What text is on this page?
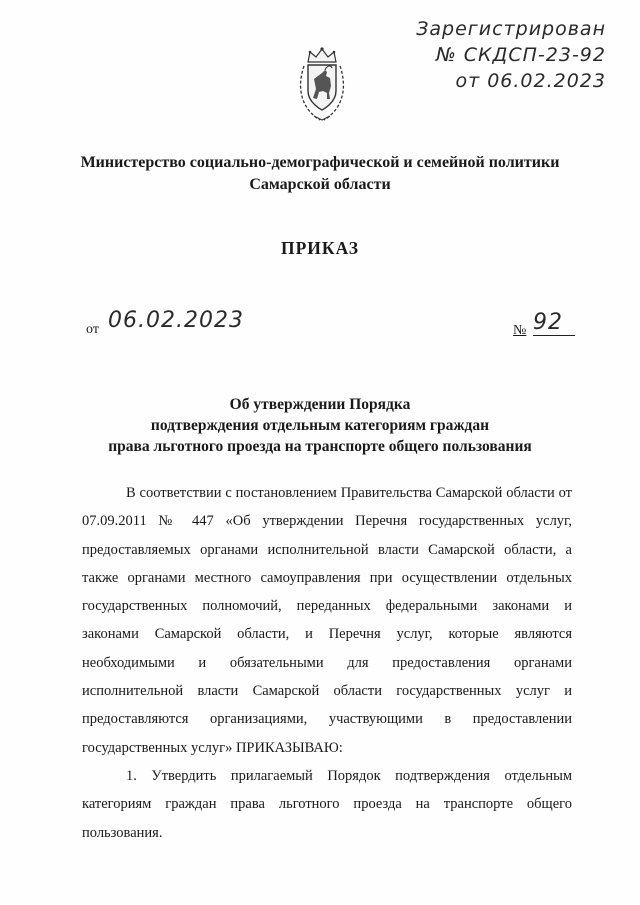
Зарегистрирован
№ СКДСП-23-92
от 06.02.2023
Министерство социально-демографической и семейной политики
Самарской области
ПРИКАЗ
от 06.02.2023	№ 92
Об утверждении Порядка
подтверждения отдельным категориям граждан
права льготного проезда на транспорте общего пользования

В соответствии с постановлением Правительства Самарской области от 07.09.2011 № 447 «Об утверждении Перечня государственных услуг, предоставляемых органами исполнительной власти Самарской области, а также органами местного самоуправления при осуществлении отдельных государственных полномочий, переданных федеральными законами и законами Самарской области, и Перечня услуг, которые являются необходимыми и обязательными для предоставления органами исполнительной власти Самарской области государственных услуг и предоставляются организациями, участвующими в предоставлении государственных услуг» ПРИКАЗЫВАЮ:

1. Утвердить прилагаемый Порядок подтверждения отдельным категориям граждан права льготного проезда на транспорте общего пользования.
